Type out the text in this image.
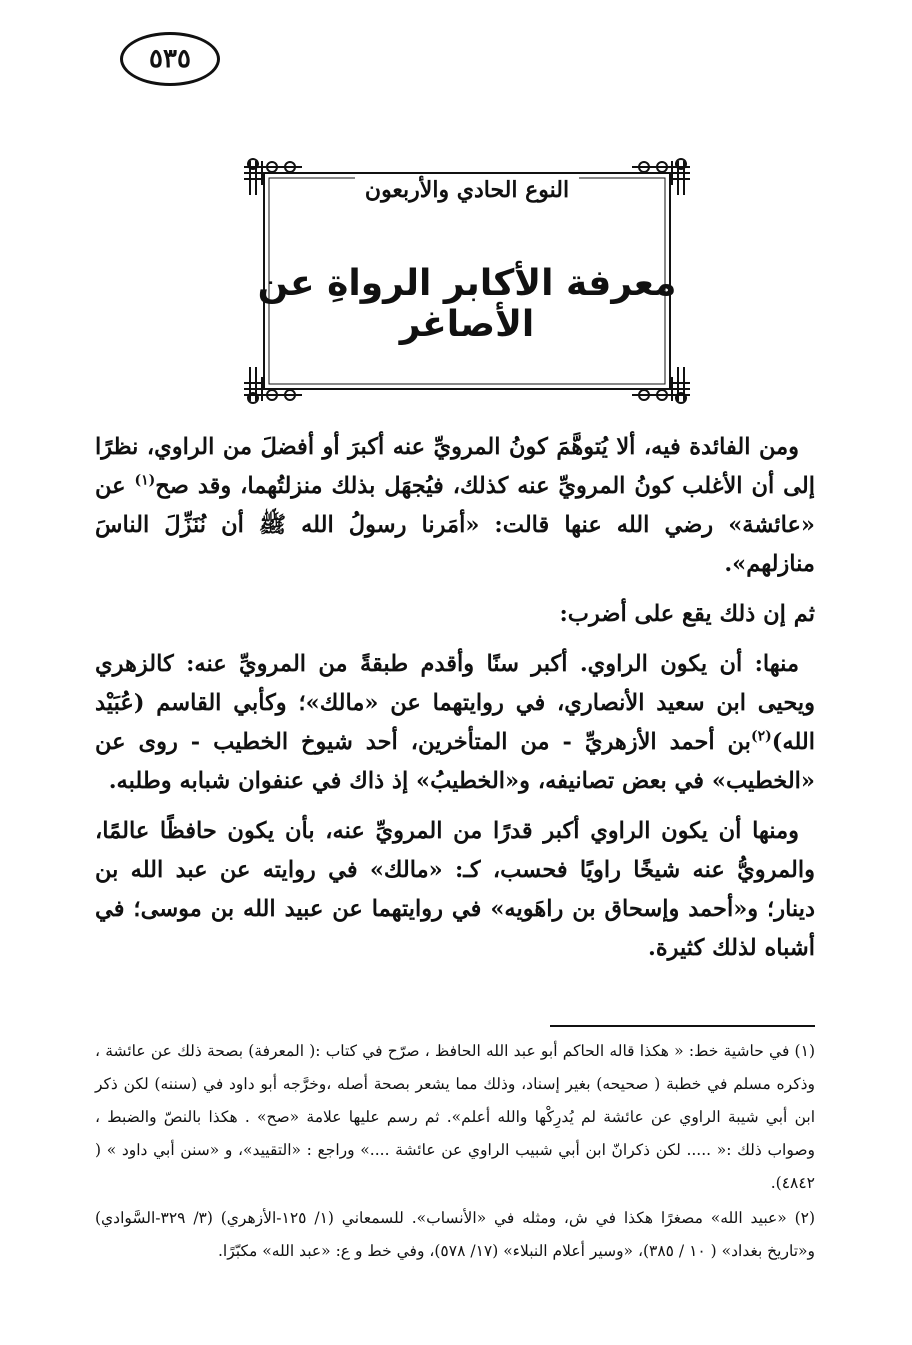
٥٣٥
النوع الحادي والأربعون
معرفة الأكابر الرواةِ عن الأصاغر

ومن الفائدة فيه، ألا يُتوهَّمَ كونُ المرويِّ عنه أكبرَ أو أفضلَ من الراوي، نظرًا إلى أن الأغلب كونُ المرويِّ عنه كذلك، فيُجهَل بذلك منزلتُهما، وقد صح$^{(١)}$ عن «عائشة» رضي الله عنها قالت: «أمَرنا رسولُ الله ﷺ أن نُنَزِّلَ الناسَ منازلهم».

ثم إن ذلك يقع على أضرب:

منها: أن يكون الراوي. أكبر سنًا وأقدم طبقةً من المرويِّ عنه: كالزهري ويحيى ابن سعيد الأنصاري، في روايتهما عن «مالك»؛ وكأبي القاسم (عُبَيْد الله)$^{(٢)}$بن أحمد الأزهريِّ - من المتأخرين، أحد شيوخ الخطيب - روى عن «الخطيب» في بعض تصانيفه، و«الخطيبُ» إذ ذاك في عنفوان شبابه وطلبه.

ومنها أن يكون الراوي أكبر قدرًا من المرويِّ عنه، بأن يكون حافظًا عالمًا، والمرويُّ عنه شيخًا راويًا فحسب، كـ: «مالك» في روايته عن عبد الله بن دينار؛ و«أحمد وإسحاق بن راهَويه» في روايتهما عن عبيد الله بن موسى؛ في أشباه لذلك كثيرة.

(١) في حاشية خط: « هكذا قاله الحاكم أبو عبد الله الحافظ ، صرّح في كتاب :( المعرفة) بصحة ذلك عن عائشة ، وذكره مسلم في خطبة ( صحيحه) بغير إسناد، وذلك مما يشعر بصحة أصله ،وخرَّجه أبو داود في (سننه) لكن ذكر ابن أبي شيبة الراوي عن عائشة لم يُدرِكْها والله أعلم». ثم رسم عليها علامة «صح» . هكذا بالنصّ والضبط ، وصواب ذلك :« ..... لكن ذكرانّ ابن أبي شبيب الراوي عن عائشة ....» وراجع : «التقييد»، و «سنن أبي داود » ( ٤٨٤٢).

(٢) «عبيد الله» مصغرًا هكذا في ش، ومثله في «الأنساب». للسمعاني (١/ ١٢٥-الأزهري) (٣/ ٣٢٩-السَّوادي) و«تاريخ بغداد» ( ١٠ / ٣٨٥)، «وسير أعلام النبلاء» (١٧/ ٥٧٨)، وفي خط و ع: «عبد الله» مكبّرًا.
